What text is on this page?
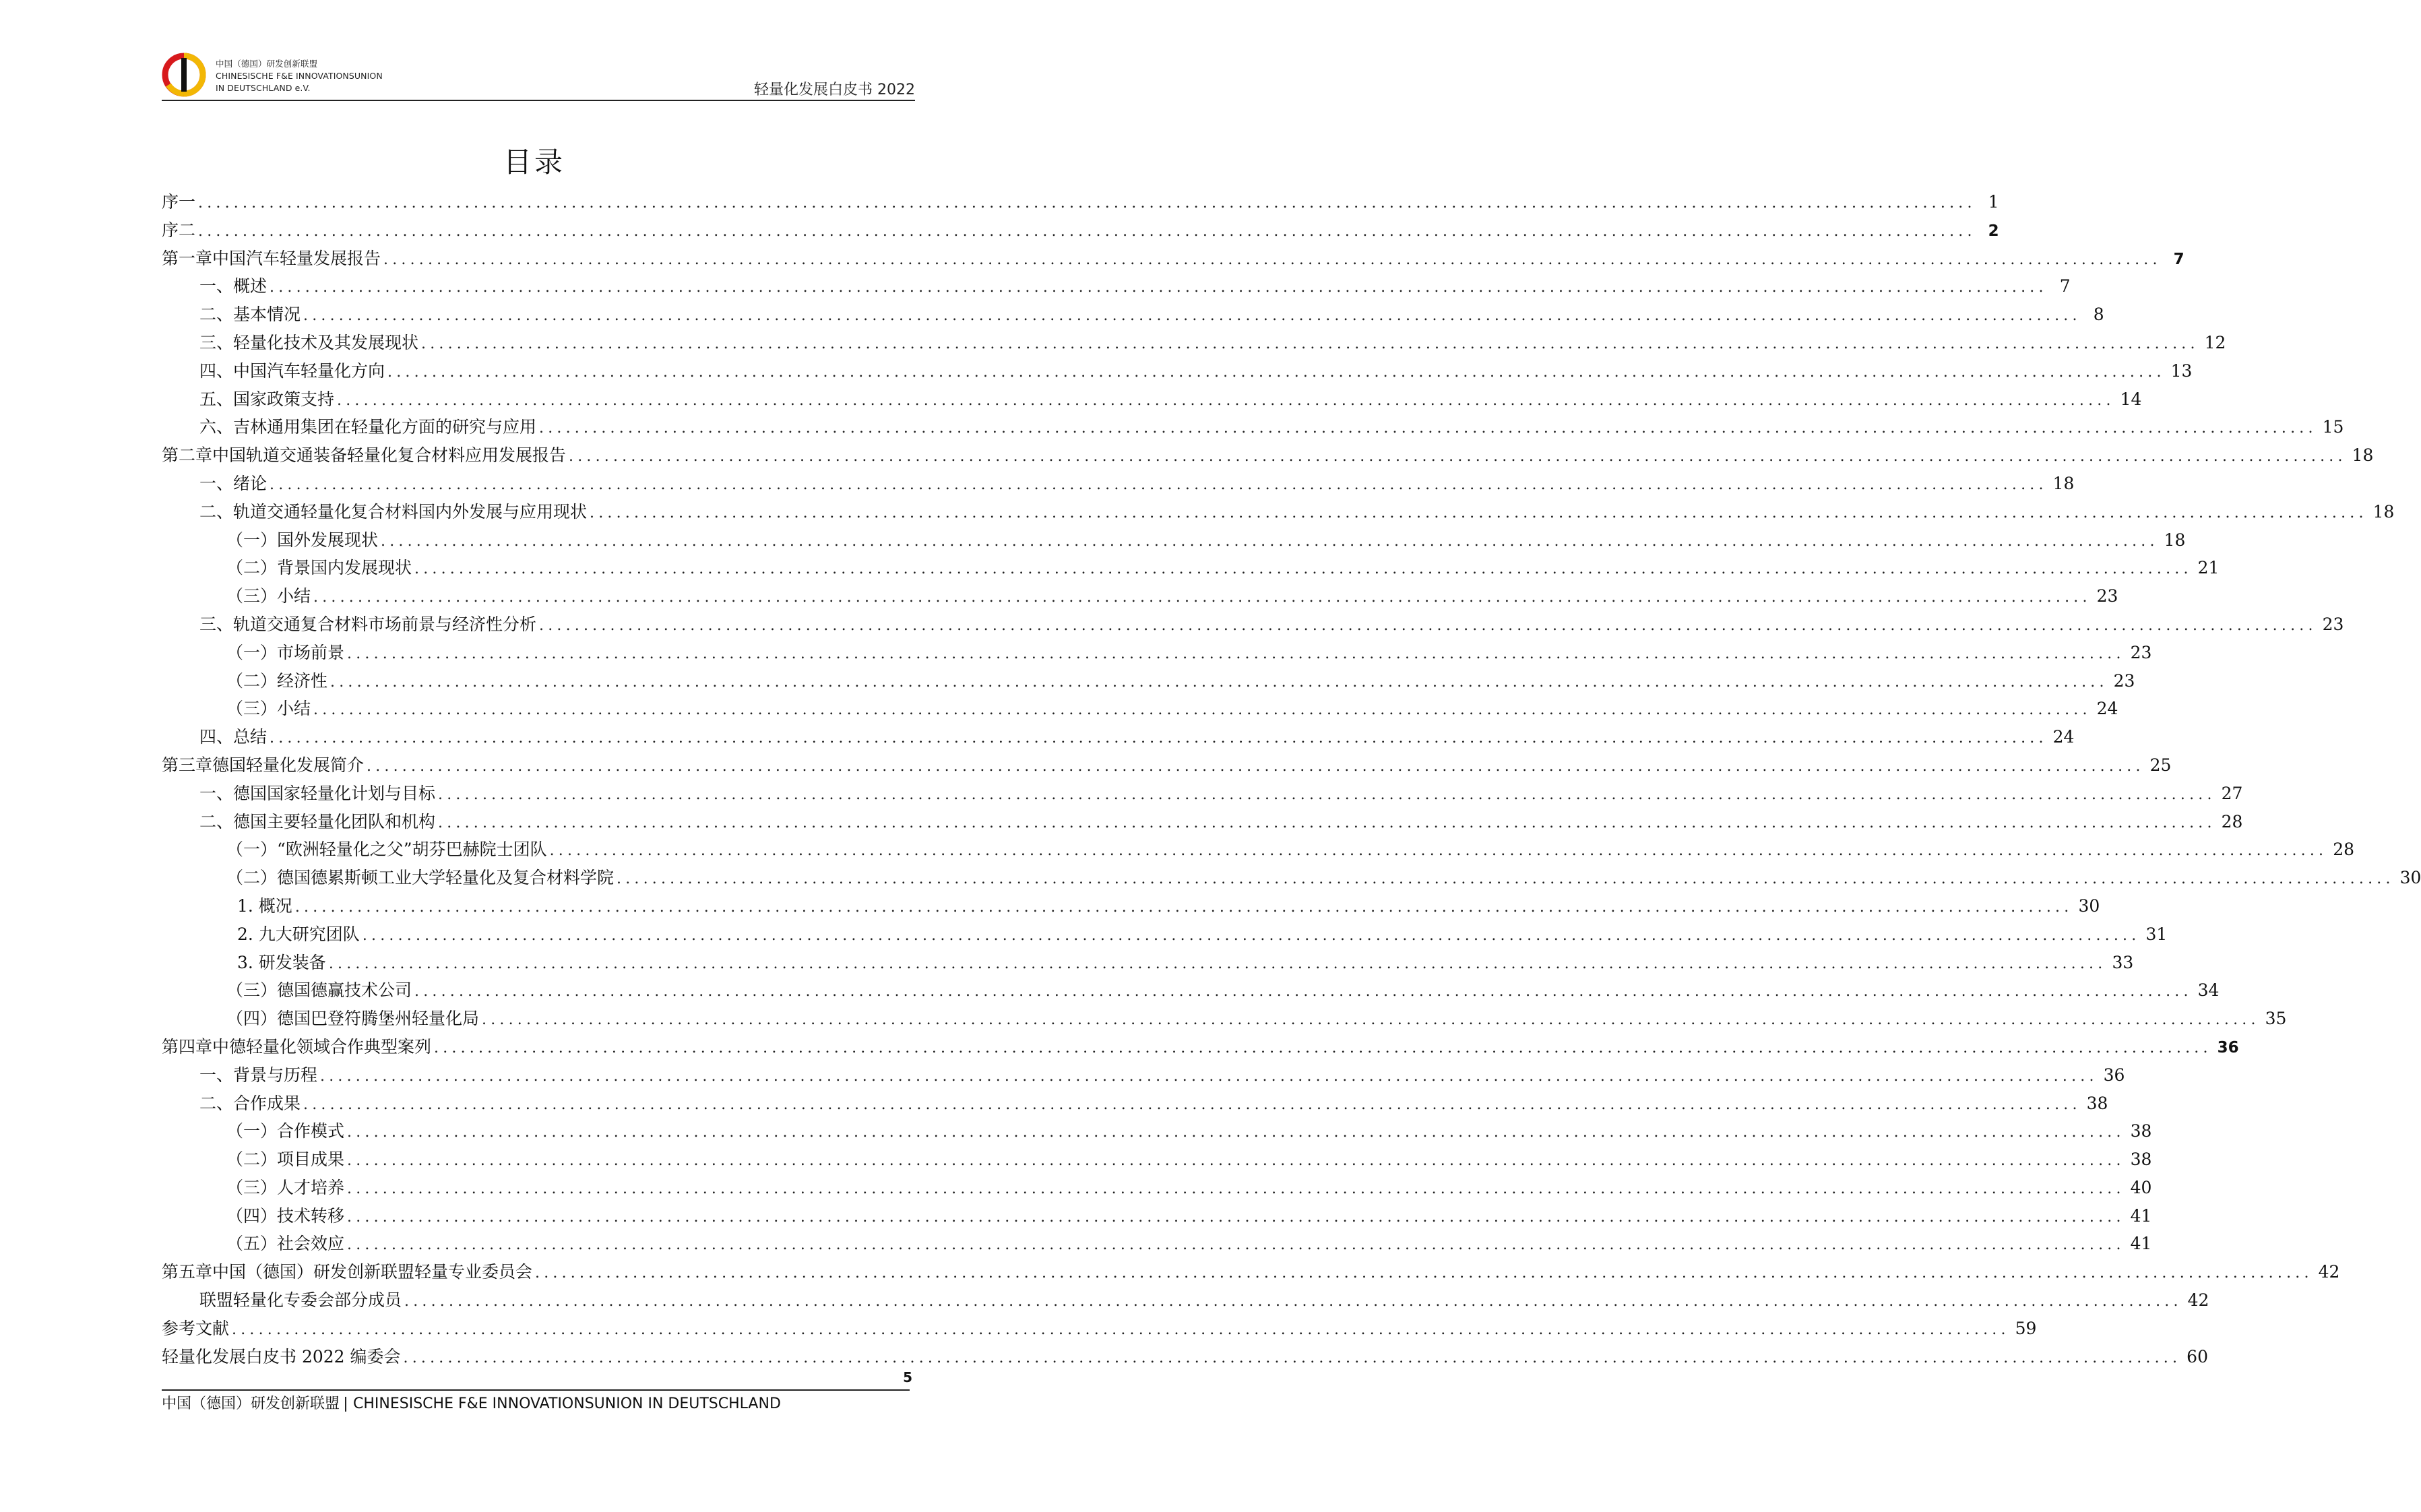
中国（德国）研发创新联盟
CHINESISCHE F&E INNOVATIONSUNION
IN DEUTSCHLAND e.V.	轻量化发展白皮书 2022
目录
序一 ........................................................................................................................................................................................................ 1
序二 ........................................................................................................................................................................................................ 2
第一章中国汽车轻量发展报告 ........................................................................................................................................................................................................ 7
一、概述 ........................................................................................................................................................................................................ 7
二、基本情况 ........................................................................................................................................................................................................ 8
三、轻量化技术及其发展现状 ........................................................................................................................................................................................................ 12
四、中国汽车轻量化方向 ........................................................................................................................................................................................................ 13
五、国家政策支持 ........................................................................................................................................................................................................ 14
六、吉林通用集团在轻量化方面的研究与应用 ........................................................................................................................................................................................................ 15
第二章中国轨道交通装备轻量化复合材料应用发展报告 ........................................................................................................................................................................................................ 18
一、绪论 ........................................................................................................................................................................................................ 18
二、轨道交通轻量化复合材料国内外发展与应用现状 ........................................................................................................................................................................................................ 18
（一）国外发展现状 ........................................................................................................................................................................................................ 18
（二）背景国内发展现状 ........................................................................................................................................................................................................ 21
（三）小结 ........................................................................................................................................................................................................ 23
三、轨道交通复合材料市场前景与经济性分析 ........................................................................................................................................................................................................ 23
（一）市场前景 ........................................................................................................................................................................................................ 23
（二）经济性 ........................................................................................................................................................................................................ 23
（三）小结 ........................................................................................................................................................................................................ 24
四、总结 ........................................................................................................................................................................................................ 24
第三章德国轻量化发展简介 ........................................................................................................................................................................................................ 25
一、德国国家轻量化计划与目标 ........................................................................................................................................................................................................ 27
二、德国主要轻量化团队和机构 ........................................................................................................................................................................................................ 28
（一）“欧洲轻量化之父”胡芬巴赫院士团队 ........................................................................................................................................................................................................ 28
（二）德国德累斯顿工业大学轻量化及复合材料学院 ........................................................................................................................................................................................................ 30
1. 概况 ........................................................................................................................................................................................................ 30
2. 九大研究团队 ........................................................................................................................................................................................................ 31
3. 研发装备 ........................................................................................................................................................................................................ 33
（三）德国德赢技术公司 ........................................................................................................................................................................................................ 34
（四）德国巴登符腾堡州轻量化局 ........................................................................................................................................................................................................ 35
第四章中德轻量化领域合作典型案列 ........................................................................................................................................................................................................ 36
一、背景与历程 ........................................................................................................................................................................................................ 36
二、合作成果 ........................................................................................................................................................................................................ 38
（一）合作模式 ........................................................................................................................................................................................................ 38
（二）项目成果 ........................................................................................................................................................................................................ 38
（三）人才培养 ........................................................................................................................................................................................................ 40
（四）技术转移 ........................................................................................................................................................................................................ 41
（五）社会效应 ........................................................................................................................................................................................................ 41
第五章中国（德国）研发创新联盟轻量专业委员会 ........................................................................................................................................................................................................ 42
联盟轻量化专委会部分成员 ........................................................................................................................................................................................................ 42
参考文献 ........................................................................................................................................................................................................ 59
轻量化发展白皮书 2022 编委会 ........................................................................................................................................................................................................ 60
5
中国（德国）研发创新联盟 CHINESISCHE F&E INNOVATIONSUNION IN DEUTSCHLAND
